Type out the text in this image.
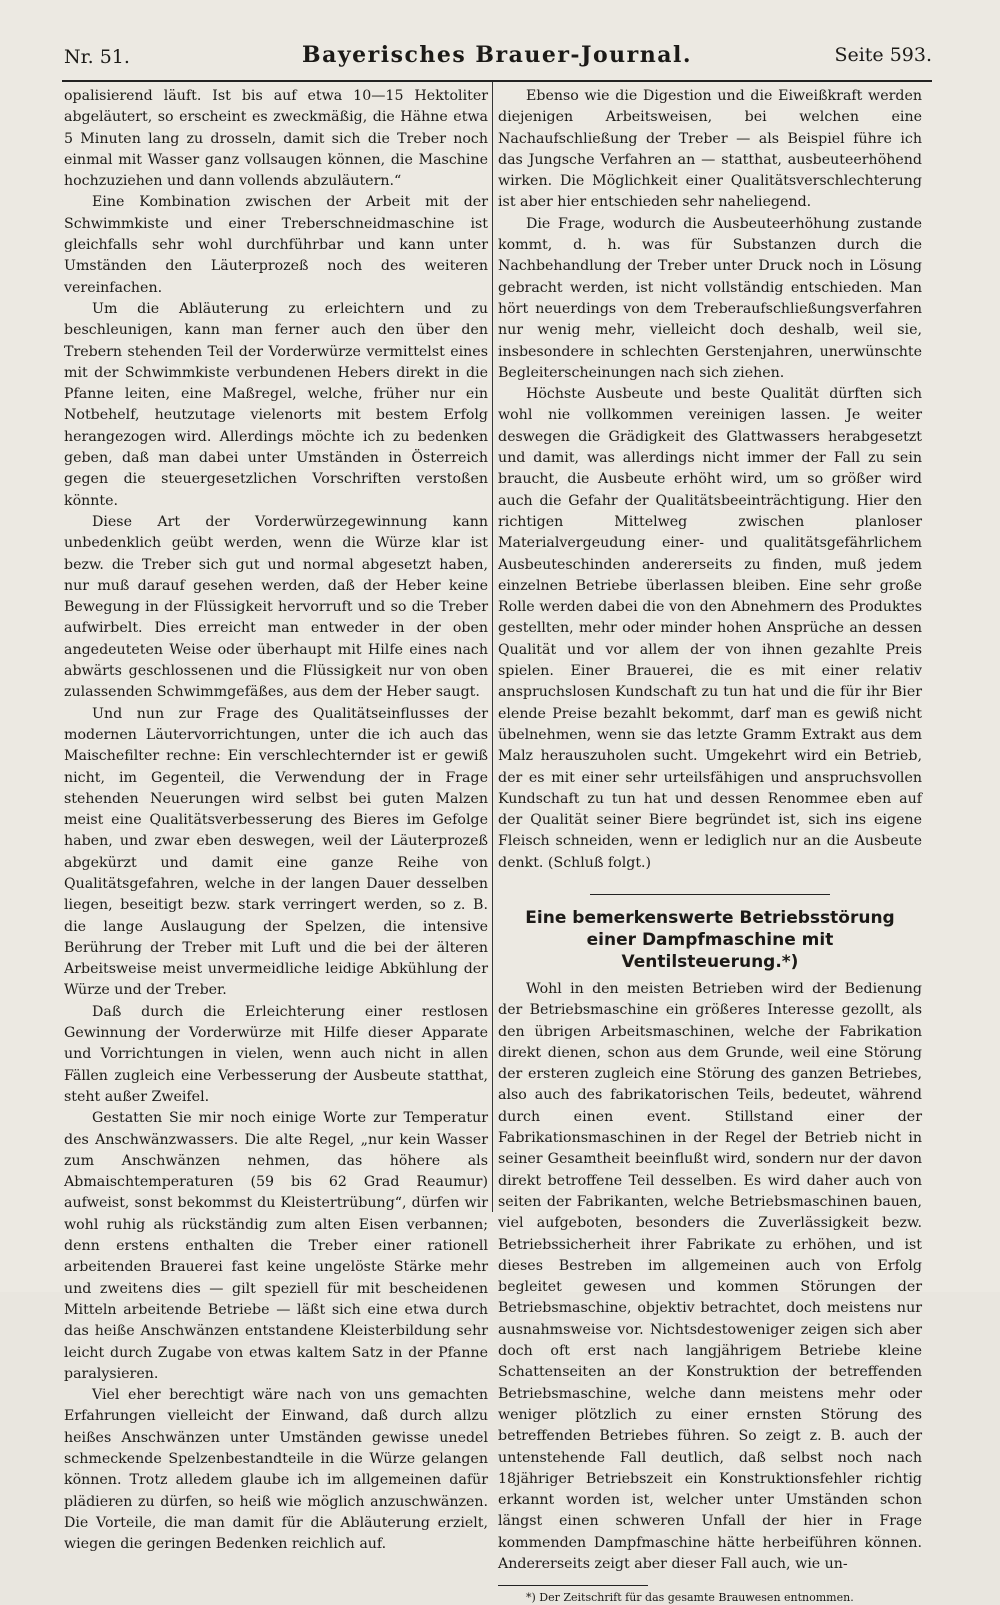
Nr. 51.	Bayerisches Brauer-Journal.	Seite 593.

opalisierend läuft. Ist bis auf etwa 10—15 Hektoliter abgeläutert, so erscheint es zweckmäßig, die Hähne etwa 5 Minuten lang zu drosseln, damit sich die Treber noch einmal mit Wasser ganz vollsaugen können, die Maschine hochzuziehen und dann vollends abzuläutern.“

Eine Kombination zwischen der Arbeit mit der Schwimmkiste und einer Treberschneidmaschine ist gleichfalls sehr wohl durchführbar und kann unter Umständen den Läuterprozeß noch des weiteren vereinfachen.

Um die Abläuterung zu erleichtern und zu beschleunigen, kann man ferner auch den über den Trebern stehenden Teil der Vorderwürze vermittelst eines mit der Schwimmkiste verbundenen Hebers direkt in die Pfanne leiten, eine Maßregel, welche, früher nur ein Notbehelf, heutzutage vielenorts mit bestem Erfolg herangezogen wird. Allerdings möchte ich zu bedenken geben, daß man dabei unter Umständen in Österreich gegen die steuergesetzlichen Vorschriften verstoßen könnte.

Diese Art der Vorderwürzegewinnung kann unbedenklich geübt werden, wenn die Würze klar ist bezw. die Treber sich gut und normal abgesetzt haben, nur muß darauf gesehen werden, daß der Heber keine Bewegung in der Flüssigkeit hervorruft und so die Treber aufwirbelt. Dies erreicht man entweder in der oben angedeuteten Weise oder überhaupt mit Hilfe eines nach abwärts geschlossenen und die Flüssigkeit nur von oben zulassenden Schwimmgefäßes, aus dem der Heber saugt.

Und nun zur Frage des Qualitätseinflusses der modernen Läutervorrichtungen, unter die ich auch das Maischefilter rechne: Ein verschlechternder ist er gewiß nicht, im Gegenteil, die Verwendung der in Frage stehenden Neuerungen wird selbst bei guten Malzen meist eine Qualitätsverbesserung des Bieres im Gefolge haben, und zwar eben deswegen, weil der Läuterprozeß abgekürzt und damit eine ganze Reihe von Qualitätsgefahren, welche in der langen Dauer desselben liegen, beseitigt bezw. stark verringert werden, so z. B. die lange Auslaugung der Spelzen, die intensive Berührung der Treber mit Luft und die bei der älteren Arbeitsweise meist unvermeidliche leidige Abkühlung der Würze und der Treber.

Daß durch die Erleichterung einer restlosen Gewinnung der Vorderwürze mit Hilfe dieser Apparate und Vorrichtungen in vielen, wenn auch nicht in allen Fällen zugleich eine Verbesserung der Ausbeute statthat, steht außer Zweifel.

Gestatten Sie mir noch einige Worte zur Temperatur des Anschwänzwassers. Die alte Regel, „nur kein Wasser zum Anschwänzen nehmen, das höhere als Abmaischtemperaturen (59 bis 62 Grad Reaumur) aufweist, sonst bekommst du Kleistertrübung“, dürfen wir wohl ruhig als rückständig zum alten Eisen verbannen; denn erstens enthalten die Treber einer rationell arbeitenden Brauerei fast keine ungelöste Stärke mehr und zweitens dies — gilt speziell für mit bescheidenen Mitteln arbeitende Betriebe — läßt sich eine etwa durch das heiße Anschwänzen entstandene Kleisterbildung sehr leicht durch Zugabe von etwas kaltem Satz in der Pfanne paralysieren.

Viel eher berechtigt wäre nach von uns gemachten Erfahrungen vielleicht der Einwand, daß durch allzu heißes Anschwänzen unter Umständen gewisse unedel schmeckende Spelzenbestandteile in die Würze gelangen können. Trotz alledem glaube ich im allgemeinen dafür plädieren zu dürfen, so heiß wie möglich anzuschwänzen. Die Vorteile, die man damit für die Abläuterung erzielt, wiegen die geringen Bedenken reichlich auf.

Ebenso wie die Digestion und die Eiweißkraft werden diejenigen Arbeitsweisen, bei welchen eine Nachaufschließung der Treber — als Beispiel führe ich das Jungsche Verfahren an — statthat, ausbeuteerhöhend wirken. Die Möglichkeit einer Qualitätsverschlechterung ist aber hier entschieden sehr naheliegend.

Die Frage, wodurch die Ausbeuteerhöhung zustande kommt, d. h. was für Substanzen durch die Nachbehandlung der Treber unter Druck noch in Lösung gebracht werden, ist nicht vollständig entschieden. Man hört neuerdings von dem Treberaufschließungsverfahren nur wenig mehr, vielleicht doch deshalb, weil sie, insbesondere in schlechten Gerstenjahren, unerwünschte Begleiterscheinungen nach sich ziehen.

Höchste Ausbeute und beste Qualität dürften sich wohl nie vollkommen vereinigen lassen. Je weiter deswegen die Grädigkeit des Glattwassers herabgesetzt und damit, was allerdings nicht immer der Fall zu sein braucht, die Ausbeute erhöht wird, um so größer wird auch die Gefahr der Qualitätsbeeinträchtigung. Hier den richtigen Mittelweg zwischen planloser Materialvergeudung einer- und qualitätsgefährlichem Ausbeuteschinden andererseits zu finden, muß jedem einzelnen Betriebe überlassen bleiben. Eine sehr große Rolle werden dabei die von den Abnehmern des Produktes gestellten, mehr oder minder hohen Ansprüche an dessen Qualität und vor allem der von ihnen gezahlte Preis spielen. Einer Brauerei, die es mit einer relativ anspruchslosen Kundschaft zu tun hat und die für ihr Bier elende Preise bezahlt bekommt, darf man es gewiß nicht übelnehmen, wenn sie das letzte Gramm Extrakt aus dem Malz herauszuholen sucht. Umgekehrt wird ein Betrieb, der es mit einer sehr urteilsfähigen und anspruchsvollen Kundschaft zu tun hat und dessen Renommee eben auf der Qualität seiner Biere begründet ist, sich ins eigene Fleisch schneiden, wenn er lediglich nur an die Ausbeute denkt. (Schluß folgt.)

Eine bemerkenswerte Betriebsstörung einer Dampfmaschine mit Ventilsteuerung.*)

Wohl in den meisten Betrieben wird der Bedienung der Betriebsmaschine ein größeres Interesse gezollt, als den übrigen Arbeitsmaschinen, welche der Fabrikation direkt dienen, schon aus dem Grunde, weil eine Störung der ersteren zugleich eine Störung des ganzen Betriebes, also auch des fabrikatorischen Teils, bedeutet, während durch einen event. Stillstand einer der Fabrikationsmaschinen in der Regel der Betrieb nicht in seiner Gesamtheit beeinflußt wird, sondern nur der davon direkt betroffene Teil desselben. Es wird daher auch von seiten der Fabrikanten, welche Betriebsmaschinen bauen, viel aufgeboten, besonders die Zuverlässigkeit bezw. Betriebssicherheit ihrer Fabrikate zu erhöhen, und ist dieses Bestreben im allgemeinen auch von Erfolg begleitet gewesen und kommen Störungen der Betriebsmaschine, objektiv betrachtet, doch meistens nur ausnahmsweise vor. Nichtsdestoweniger zeigen sich aber doch oft erst nach langjährigem Betriebe kleine Schattenseiten an der Konstruktion der betreffenden Betriebsmaschine, welche dann meistens mehr oder weniger plötzlich zu einer ernsten Störung des betreffenden Betriebes führen. So zeigt z. B. auch der untenstehende Fall deutlich, daß selbst noch nach 18jähriger Betriebszeit ein Konstruktionsfehler richtig erkannt worden ist, welcher unter Umständen schon längst einen schweren Unfall der hier in Frage kommenden Dampfmaschine hätte herbeiführen können. Andererseits zeigt aber dieser Fall auch, wie un-

*) Der Zeitschrift für das gesamte Brauwesen entnommen.
